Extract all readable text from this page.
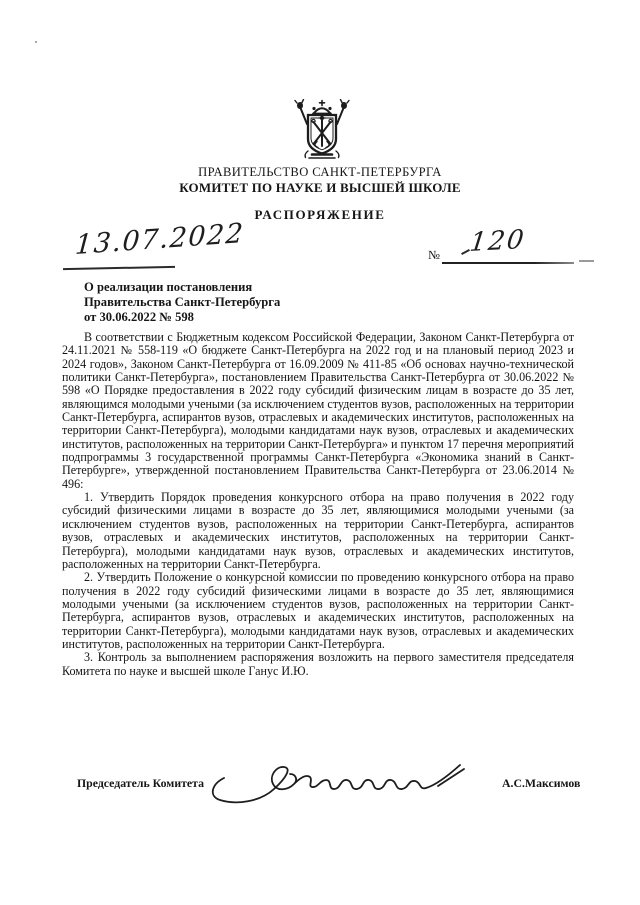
ПРАВИТЕЛЬСТВО САНКТ-ПЕТЕРБУРГА
КОМИТЕТ ПО НАУКЕ И ВЫСШЕЙ ШКОЛЕ
РАСПОРЯЖЕНИЕ
13.07.2022	№ 120
О реализации постановления
Правительства Санкт-Петербурга
от 30.06.2022 № 598

В соответствии с Бюджетным кодексом Российской Федерации, Законом Санкт-Петербурга от 24.11.2021 № 558-119 «О бюджете Санкт-Петербурга на 2022 год и на плановый период 2023 и 2024 годов», Законом Санкт-Петербурга от 16.09.2009 № 411-85 «Об основах научно-технической политики Санкт-Петербурга», постановлением Правительства Санкт-Петербурга от 30.06.2022 № 598 «О Порядке предоставления в 2022 году субсидий физическим лицам в возрасте до 35 лет, являющимся молодыми учеными (за исключением студентов вузов, расположенных на территории Санкт-Петербурга, аспирантов вузов, отраслевых и академических институтов, расположенных на территории Санкт-Петербурга), молодыми кандидатами наук вузов, отраслевых и академических институтов, расположенных на территории Санкт-Петербурга» и пунктом 17 перечня мероприятий подпрограммы 3 государственной программы Санкт-Петербурга «Экономика знаний в Санкт-Петербурге», утвержденной постановлением Правительства Санкт-Петербурга от 23.06.2014 № 496:

1. Утвердить Порядок проведения конкурсного отбора на право получения в 2022 году субсидий физическими лицами в возрасте до 35 лет, являющимися молодыми учеными (за исключением студентов вузов, расположенных на территории Санкт-Петербурга, аспирантов вузов, отраслевых и академических институтов, расположенных на территории Санкт-Петербурга), молодыми кандидатами наук вузов, отраслевых и академических институтов, расположенных на территории Санкт-Петербурга.

2. Утвердить Положение о конкурсной комиссии по проведению конкурсного отбора на право получения в 2022 году субсидий физическими лицами в возрасте до 35 лет, являющимися молодыми учеными (за исключением студентов вузов, расположенных на территории Санкт-Петербурга, аспирантов вузов, отраслевых и академических институтов, расположенных на территории Санкт-Петербурга), молодыми кандидатами наук вузов, отраслевых и академических институтов, расположенных на территории Санкт-Петербурга.

3. Контроль за выполнением распоряжения возложить на первого заместителя председателя Комитета по науке и высшей школе Ганус И.Ю.

Председатель Комитета	А.С.Максимов
